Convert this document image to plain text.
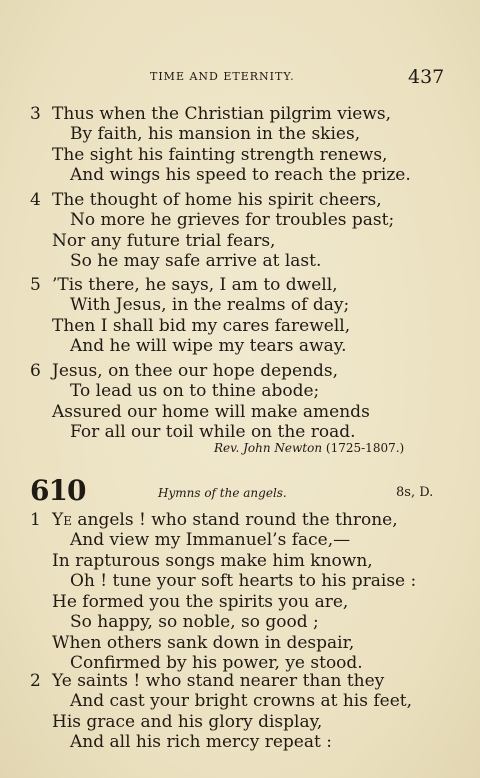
TIME AND ETERNITY.	437
3 Thus when the Christian pilgrim views,
By faith, his mansion in the skies,
The sight his fainting strength renews,
And wings his speed to reach the prize.
4 The thought of home his spirit cheers,
No more he grieves for troubles past;
Nor any future trial fears,
So he may safe arrive at last.
5 ’Tis there, he says, I am to dwell,
With Jesus, in the realms of day;
Then I shall bid my cares farewell,
And he will wipe my tears away.
6 Jesus, on thee our hope depends,
To lead us on to thine abode;
Assured our home will make amends
For all our toil while on the road.
Rev. John Newton (1725-1807.)
610	Hymns of the angels.	8s, D.
1 Ye angels ! who stand round the throne,
And view my Immanuel’s face,—
In rapturous songs make him known,
Oh ! tune your soft hearts to his praise :
He formed you the spirits you are,
So happy, so noble, so good ;
When others sank down in despair,
Confirmed by his power, ye stood.
2 Ye saints ! who stand nearer than they
And cast your bright crowns at his feet,
His grace and his glory display,
And all his rich mercy repeat :
